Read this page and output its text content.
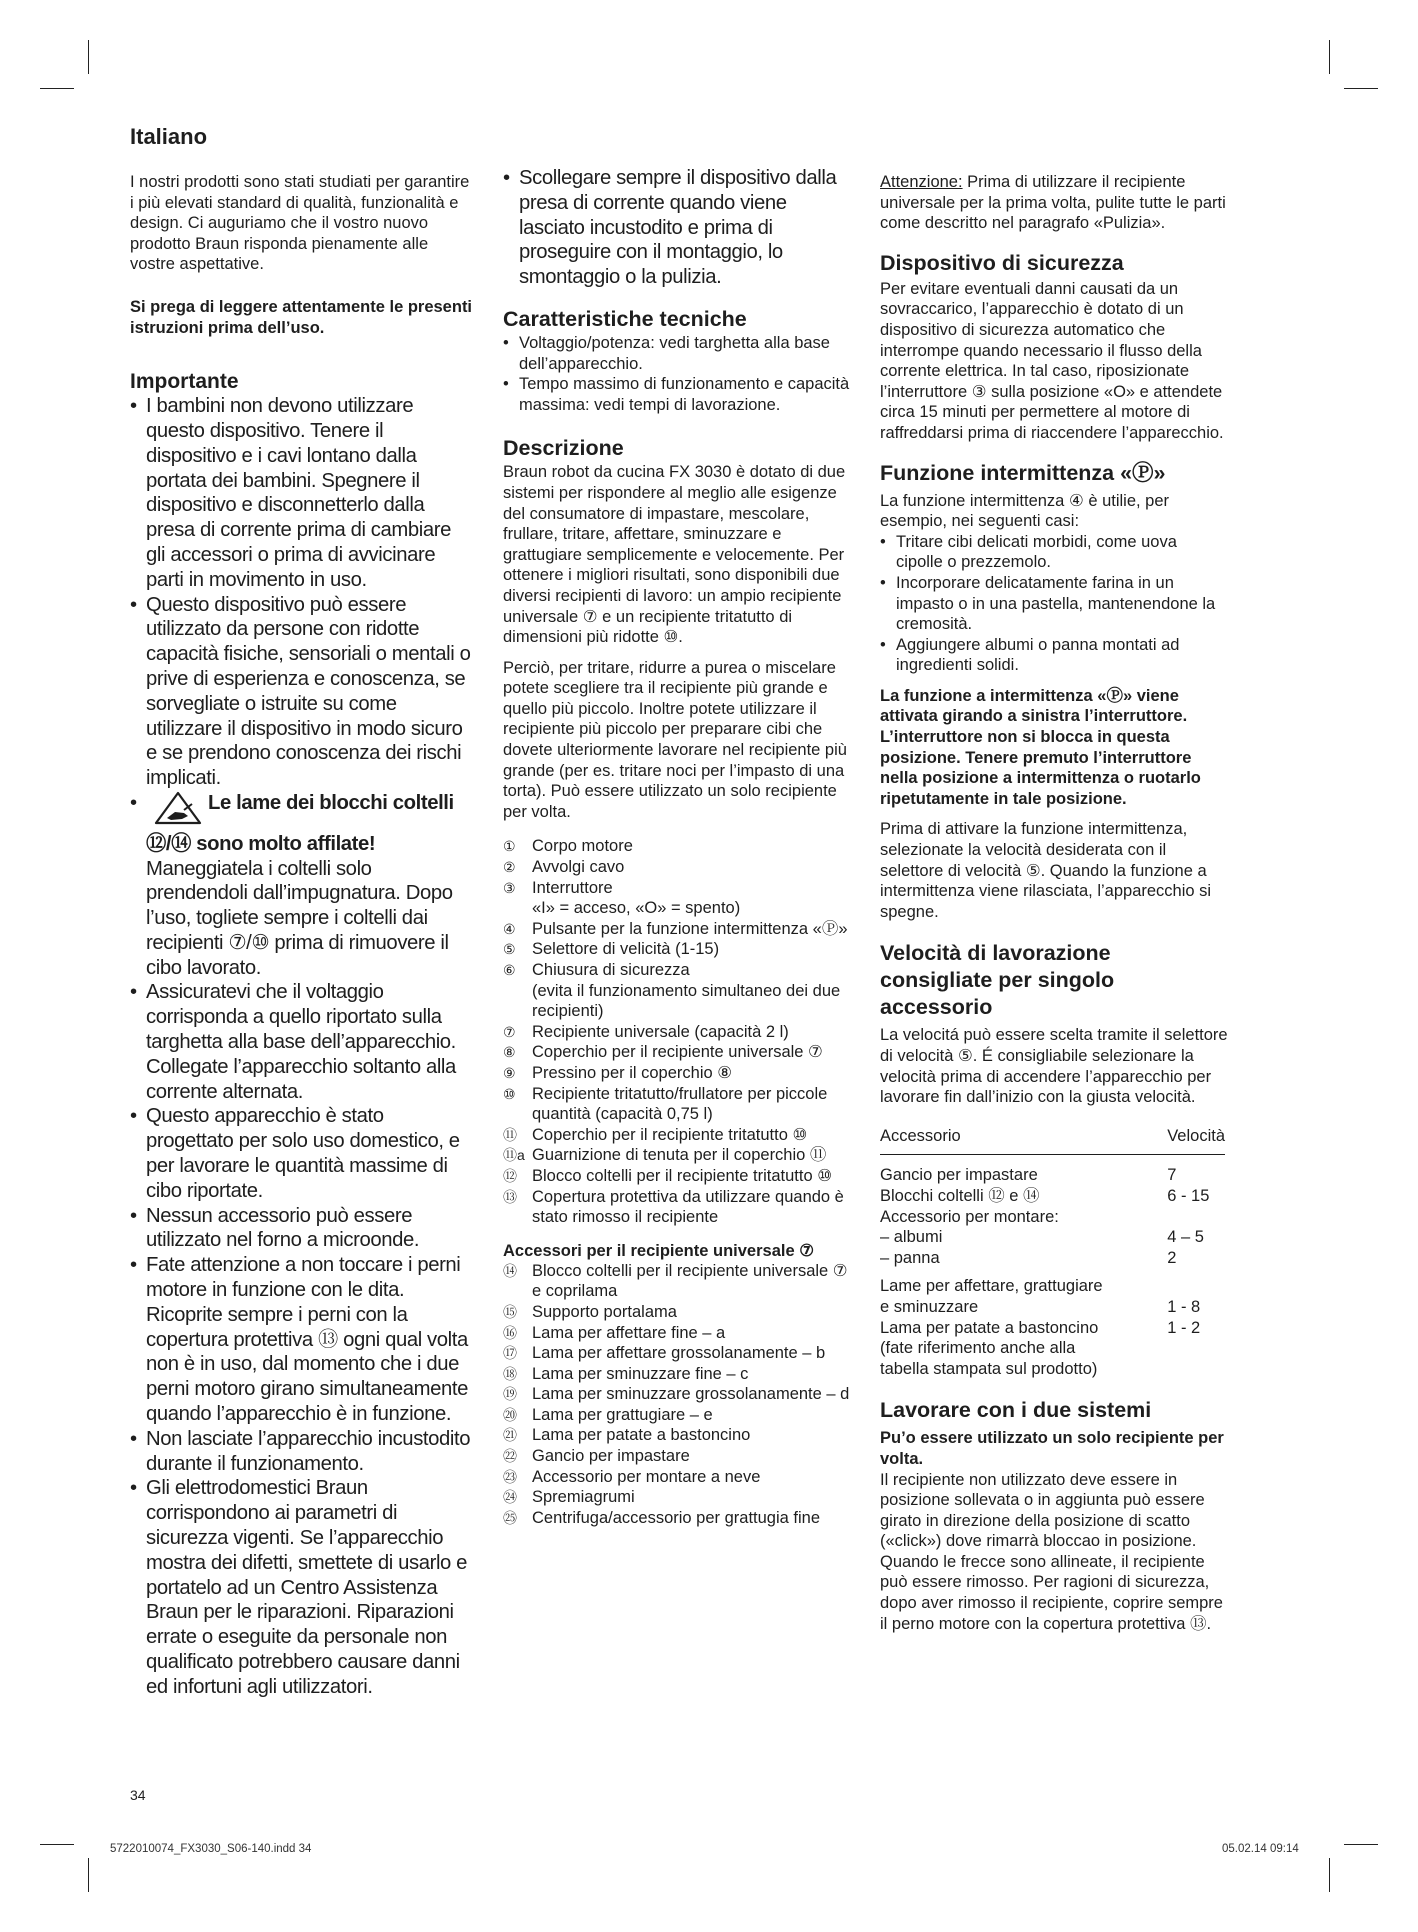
Italiano

I nostri prodotti sono stati studiati per garantire i più elevati standard di qualità, funzionalità e design. Ci auguriamo che il vostro nuovo prodotto Braun risponda pienamente alle vostre aspettative.

Si prega di leggere attentamente le presenti istruzioni prima dell’uso.

Importante
• I bambini non devono utilizzare questo dispositivo. Tenere il dispositivo e i cavi lontano dalla portata dei bambini. Spegnere il dispositivo e disconnetterlo dalla presa di corrente prima di cambiare gli accessori o prima di avvicinare parti in movimento in uso.
• Questo dispositivo può essere utilizzato da persone con ridotte capacità fisiche, sensoriali o mentali o prive di esperienza e conoscenza, se sorvegliate o istruite su come utilizzare il dispositivo in modo sicuro e se prendono conoscenza dei rischi implicati.
• Le lame dei blocchi coltelli ⑫/⑭ sono molto affilate!
Maneggiatela i coltelli solo prendendoli dall’impugnatura. Dopo l’uso, togliete sempre i coltelli dai recipienti ⑦/⑩ prima di rimuovere il cibo lavorato.
• Assicuratevi che il voltaggio corrisponda a quello riportato sulla targhetta alla base dell’apparecchio. Collegate l’apparecchio soltanto alla corrente alternata.
• Questo apparecchio è stato progettato per solo uso domestico, e per lavorare le quantità massime di cibo riportate.
• Nessun accessorio può essere utilizzato nel forno a microonde.
• Fate attenzione a non toccare i perni motore in funzione con le dita. Ricoprite sempre i perni con la copertura protettiva ⑬ ogni qual volta non è in uso, dal momento che i due perni motoro girano simultaneamente quando l’apparecchio è in funzione.
• Non lasciate l’apparecchio incustodito durante il funzionamento.
• Gli elettrodomestici Braun corrispondono ai parametri di sicurezza vigenti. Se l’apparecchio mostra dei difetti, smettete di usarlo e portatelo ad un Centro Assistenza Braun per le riparazioni. Riparazioni errate o eseguite da personale non qualificato potrebbero causare danni ed infortuni agli utilizzatori.
• Scollegare sempre il dispositivo dalla presa di corrente quando viene lasciato incustodito e prima di proseguire con il montaggio, lo smontaggio o la pulizia.
Caratteristiche tecniche
• Voltaggio/potenza: vedi targhetta alla base dell’apparecchio.
• Tempo massimo di funzionamento e capacità massima: vedi tempi di lavorazione.
Descrizione

Braun robot da cucina FX 3030 è dotato di due sistemi per rispondere al meglio alle esigenze del consumatore di impastare, mescolare, frullare, tritare, affettare, sminuzzare e grattugiare semplicemente e velocemente. Per ottenere i migliori risultati, sono disponibili due diversi recipienti di lavoro: un ampio recipiente universale ⑦ e un recipiente tritatutto di dimensioni più ridotte ⑩.

Perciò, per tritare, ridurre a purea o miscelare potete scegliere tra il recipiente più grande e quello più piccolo. Inoltre potete utilizzare il recipiente più piccolo per preparare cibi che dovete ulteriormente lavorare nel recipiente più grande (per es. tritare noci per l’impasto di una torta). Può essere utilizzato un solo recipiente per volta.

① Corpo motore
② Avvolgi cavo
③ Interruttore
«I» = acceso, «O» = spento)
④ Pulsante per la funzione intermittenza «Ⓟ»
⑤ Selettore di velicità (1-15)
⑥ Chiusura di sicurezza
(evita il funzionamento simultaneo dei due recipienti)
⑦ Recipiente universale (capacità 2 l)
⑧ Coperchio per il recipiente universale ⑦
⑨ Pressino per il coperchio ⑧
⑩ Recipiente tritatutto/frullatore per piccole quantità (capacità 0,75 l)
⑪ Coperchio per il recipiente tritatutto ⑩
⑪a Guarnizione di tenuta per il coperchio ⑪
⑫ Blocco coltelli per il recipiente tritatutto ⑩
⑬ Copertura protettiva da utilizzare quando è stato rimosso il recipiente

Accessori per il recipiente universale ⑦

⑭ Blocco coltelli per il recipiente universale ⑦ e coprilama
⑮ Supporto portalama
⑯ Lama per affettare fine – a
⑰ Lama per affettare grossolanamente – b
⑱ Lama per sminuzzare fine – c
⑲ Lama per sminuzzare grossolanamente – d
⑳ Lama per grattugiare – e
㉑ Lama per patate a bastoncino
㉒ Gancio per impastare
㉓ Accessorio per montare a neve
㉔ Spremiagrumi
㉕ Centrifuga/accessorio per grattugia fine

Attenzione: Prima di utilizzare il recipiente universale per la prima volta, pulite tutte le parti come descritto nel paragrafo «Pulizia».

Dispositivo di sicurezza

Per evitare eventuali danni causati da un sovraccarico, l’apparecchio è dotato di un dispositivo di sicurezza automatico che interrompe quando necessario il flusso della corrente elettrica. In tal caso, riposizionate l’interruttore ③ sulla posizione «O» e attendete circa 15 minuti per permettere al motore di raffreddarsi prima di riaccendere l’apparecchio.

Funzione intermittenza «Ⓟ»

La funzione intermittenza ④ è utilie, per esempio, nei seguenti casi:

• Tritare cibi delicati morbidi, come uova cipolle o prezzemolo.
• Incorporare delicatamente farina in un impasto o in una pastella, mantenendone la cremosità.
• Aggiungere albumi o panna montati ad ingredienti solidi.

La funzione a intermittenza «Ⓟ» viene attivata girando a sinistra l’interruttore. L’interruttore non si blocca in questa posizione. Tenere premuto l’interruttore nella posizione a intermittenza o ruotarlo ripetutamente in tale posizione.

Prima di attivare la funzione intermittenza, selezionate la velocità desiderata con il selettore di velocità ⑤. Quando la funzione a intermittenza viene rilasciata, l’apparecchio si spegne.

Velocità di lavorazione consigliate per singolo accessorio

La velocitá può essere scelta tramite il selettore di velocità ⑤. É consigliabile selezionare la velocità prima di accendere l’apparecchio per lavorare fin dall’inizio con la giusta velocità.

Accessorio	Velocità

Gancio per impastare	7
Blocchi coltelli ⑫ e ⑭	6 - 15
Accessorio per montare:	
– albumi	4 – 5
– panna	2

Lame per affettare, grattugiare	
e sminuzzare	1 - 8
Lama per patate a bastoncino	1 - 2
(fate riferimento anche alla tabella stampata sul prodotto)	
Lavorare con i due sistemi

Pu’o essere utilizzato un solo recipiente per volta.

Il recipiente non utilizzato deve essere in posizione sollevata o in aggiunta può essere girato in direzione della posizione di scatto («click») dove rimarrà bloccao in posizione. Quando le frecce sono allineate, il recipiente può essere rimosso. Per ragioni di sicurezza, dopo aver rimosso il recipiente, coprire sempre il perno motore con la copertura protettiva ⑬.

34
5722010074_FX3030_S06-140.indd 34	05.02.14 09:14
